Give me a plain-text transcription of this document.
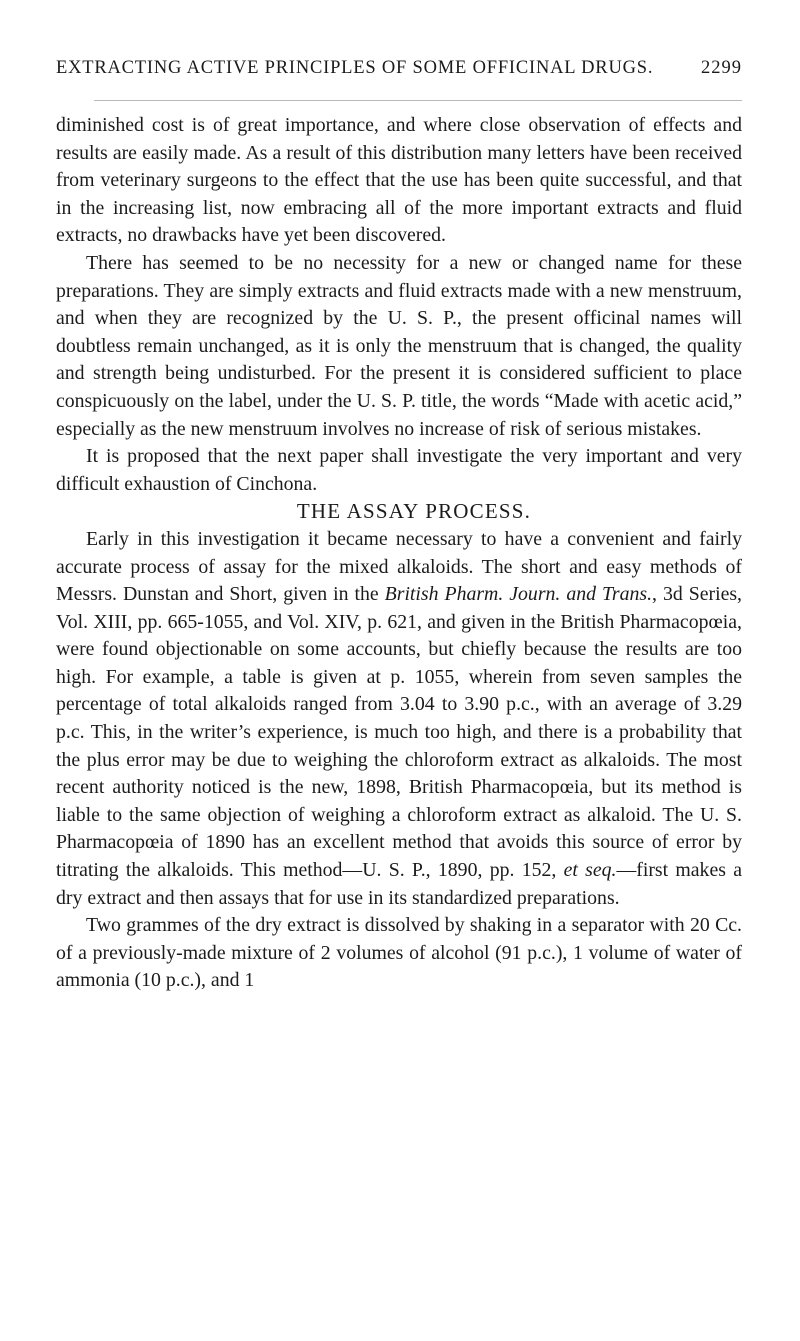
EXTRACTING ACTIVE PRINCIPLES OF SOME OFFICINAL DRUGS.	2299

diminished cost is of great importance, and where close observation of effects and results are easily made. As a result of this distribution many letters have been received from veterinary surgeons to the effect that the use has been quite successful, and that in the increasing list, now embracing all of the more important extracts and fluid extracts, no drawbacks have yet been discovered.

There has seemed to be no necessity for a new or changed name for these preparations. They are simply extracts and fluid extracts made with a new menstruum, and when they are recognized by the U. S. P., the present officinal names will doubtless remain unchanged, as it is only the menstruum that is changed, the quality and strength being undisturbed. For the present it is considered sufficient to place conspicuously on the label, under the U. S. P. title, the words “Made with acetic acid,” especially as the new menstruum involves no increase of risk of serious mistakes.

It is proposed that the next paper shall investigate the very important and very difficult exhaustion of Cinchona.

THE ASSAY PROCESS.

Early in this investigation it became necessary to have a convenient and fairly accurate process of assay for the mixed alkaloids. The short and easy methods of Messrs. Dunstan and Short, given in the British Pharm. Journ. and Trans., 3d Series, Vol. XIII, pp. 665-1055, and Vol. XIV, p. 621, and given in the British Pharmacopœia, were found objectionable on some accounts, but chiefly because the results are too high. For example, a table is given at p. 1055, wherein from seven samples the percentage of total alkaloids ranged from 3.04 to 3.90 p.c., with an average of 3.29 p.c. This, in the writer’s experience, is much too high, and there is a probability that the plus error may be due to weighing the chloroform extract as alkaloids. The most recent authority noticed is the new, 1898, British Pharmacopœia, but its method is liable to the same objection of weighing a chloroform extract as alkaloid. The U. S. Pharmacopœia of 1890 has an excellent method that avoids this source of error by titrating the alkaloids. This method—U. S. P., 1890, pp. 152, et seq.—first makes a dry extract and then assays that for use in its standardized preparations.

Two grammes of the dry extract is dissolved by shaking in a separator with 20 Cc. of a previously-made mixture of 2 volumes of alcohol (91 p.c.), 1 volume of water of ammonia (10 p.c.), and 1
